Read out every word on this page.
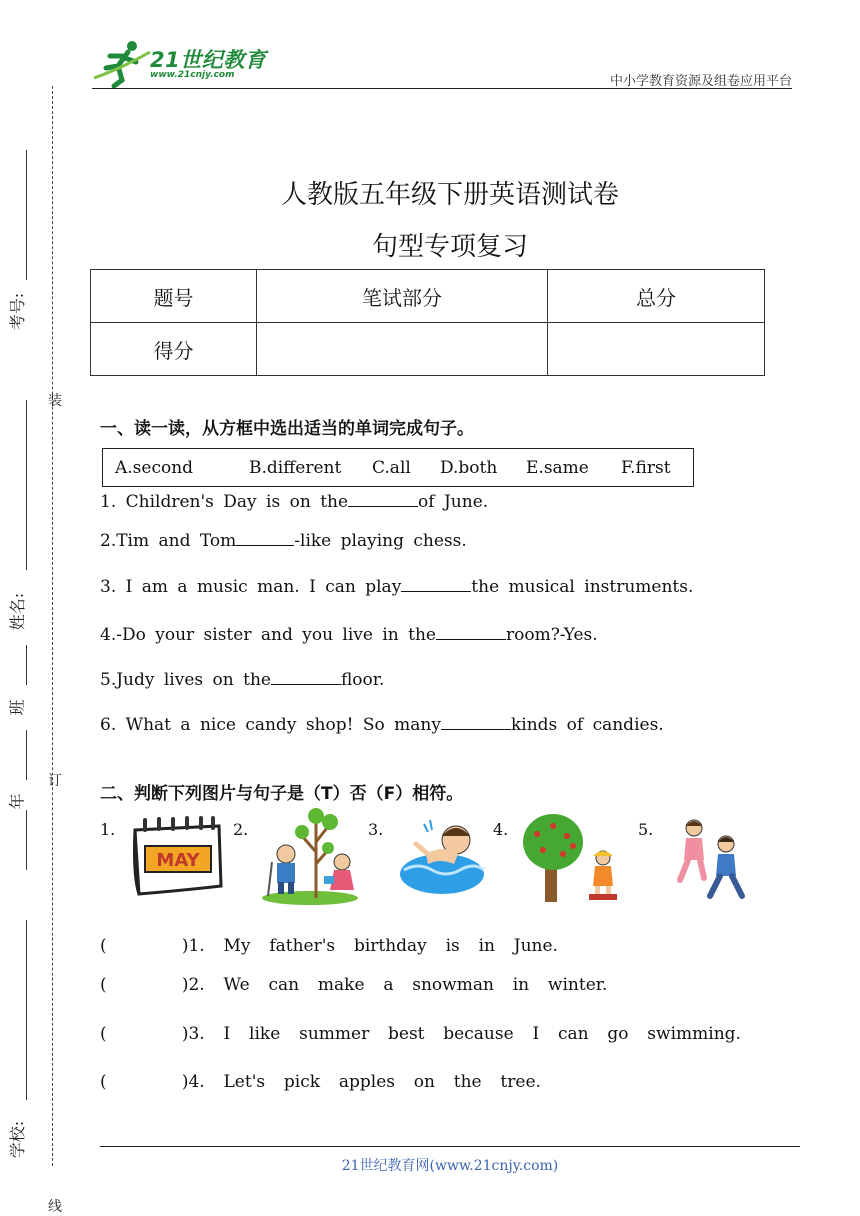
21世纪教育
www.21cnjy.com	中小学教育资源及组卷应用平台
考号:
姓名:
班
年
学校:
装
订
线
人教版五年级下册英语测试卷
句型专项复习
题号	笔试部分	总分
得分		
一、读一读，从方框中选出适当的单词完成句子。
A.second	B.different C.all D.both E.same F.first
1. Children's Day is on the	of June.
2.Tim and Tom	-like playing chess.
3. I am a music man. I can play	the musical instruments.
4.-Do your sister and you live in the	room?-Yes.
5.Judy lives on the	floor.
6. What a nice candy shop! So many	kinds of candies.
二、判断下列图片与句子是（T）否（F）相符。
1.	2.	3.	4.	5.
MAY
(        )1.  My  father's  birthday  is  in  June.
(        )2.  We  can  make  a  snowman  in  winter.
(        )3.  I  like  summer  best  because  I  can  go  swimming.
(        )4.  Let's  pick  apples  on  the  tree.
21世纪教育网(www.21cnjy.com)
